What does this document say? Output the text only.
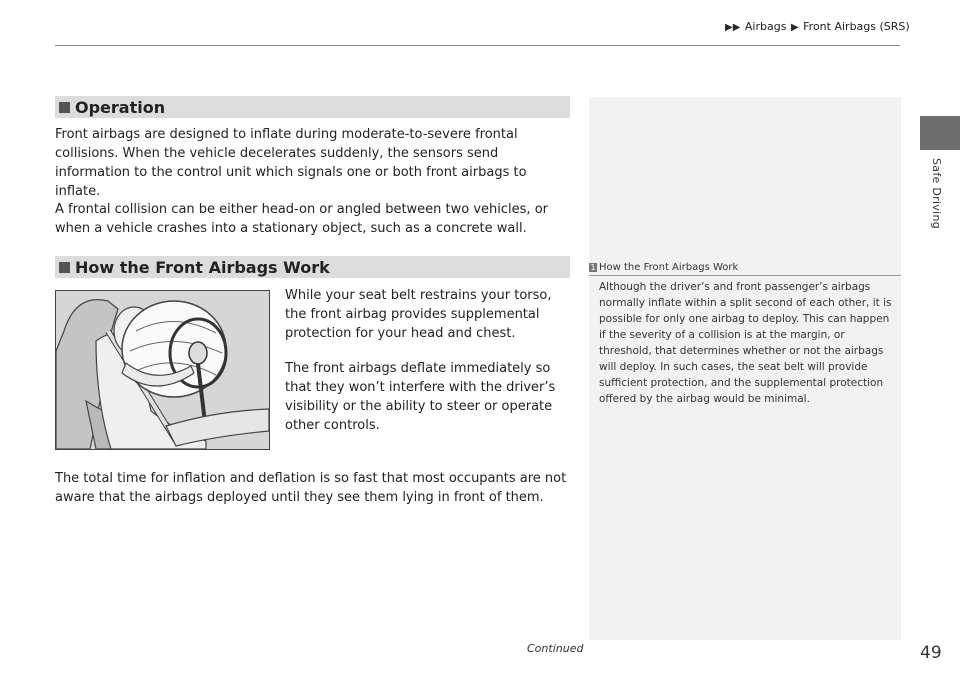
▶▶ Airbags ▶ Front Airbags (SRS)
Safe Driving
Operation

Front airbags are designed to inflate during moderate-to-severe frontal collisions. When the vehicle decelerates suddenly, the sensors send information to the control unit which signals one or both front airbags to inflate.

A frontal collision can be either head-on or angled between two vehicles, or when a vehicle crashes into a stationary object, such as a concrete wall.

How the Front Airbags Work

While your seat belt restrains your torso, the front airbag provides supplemental protection for your head and chest.

The front airbags deflate immediately so that they won’t interfere with the driver’s visibility or the ability to steer or operate other controls.

The total time for inflation and deflation is so fast that most occupants are not aware that the airbags deployed until they see them lying in front of them.

1 How the Front Airbags Work

Although the driver’s and front passenger’s airbags normally inflate within a split second of each other, it is possible for only one airbag to deploy. This can happen if the severity of a collision is at the margin, or threshold, that determines whether or not the airbags will deploy. In such cases, the seat belt will provide sufficient protection, and the supplemental protection offered by the airbag would be minimal.

Continued	49
